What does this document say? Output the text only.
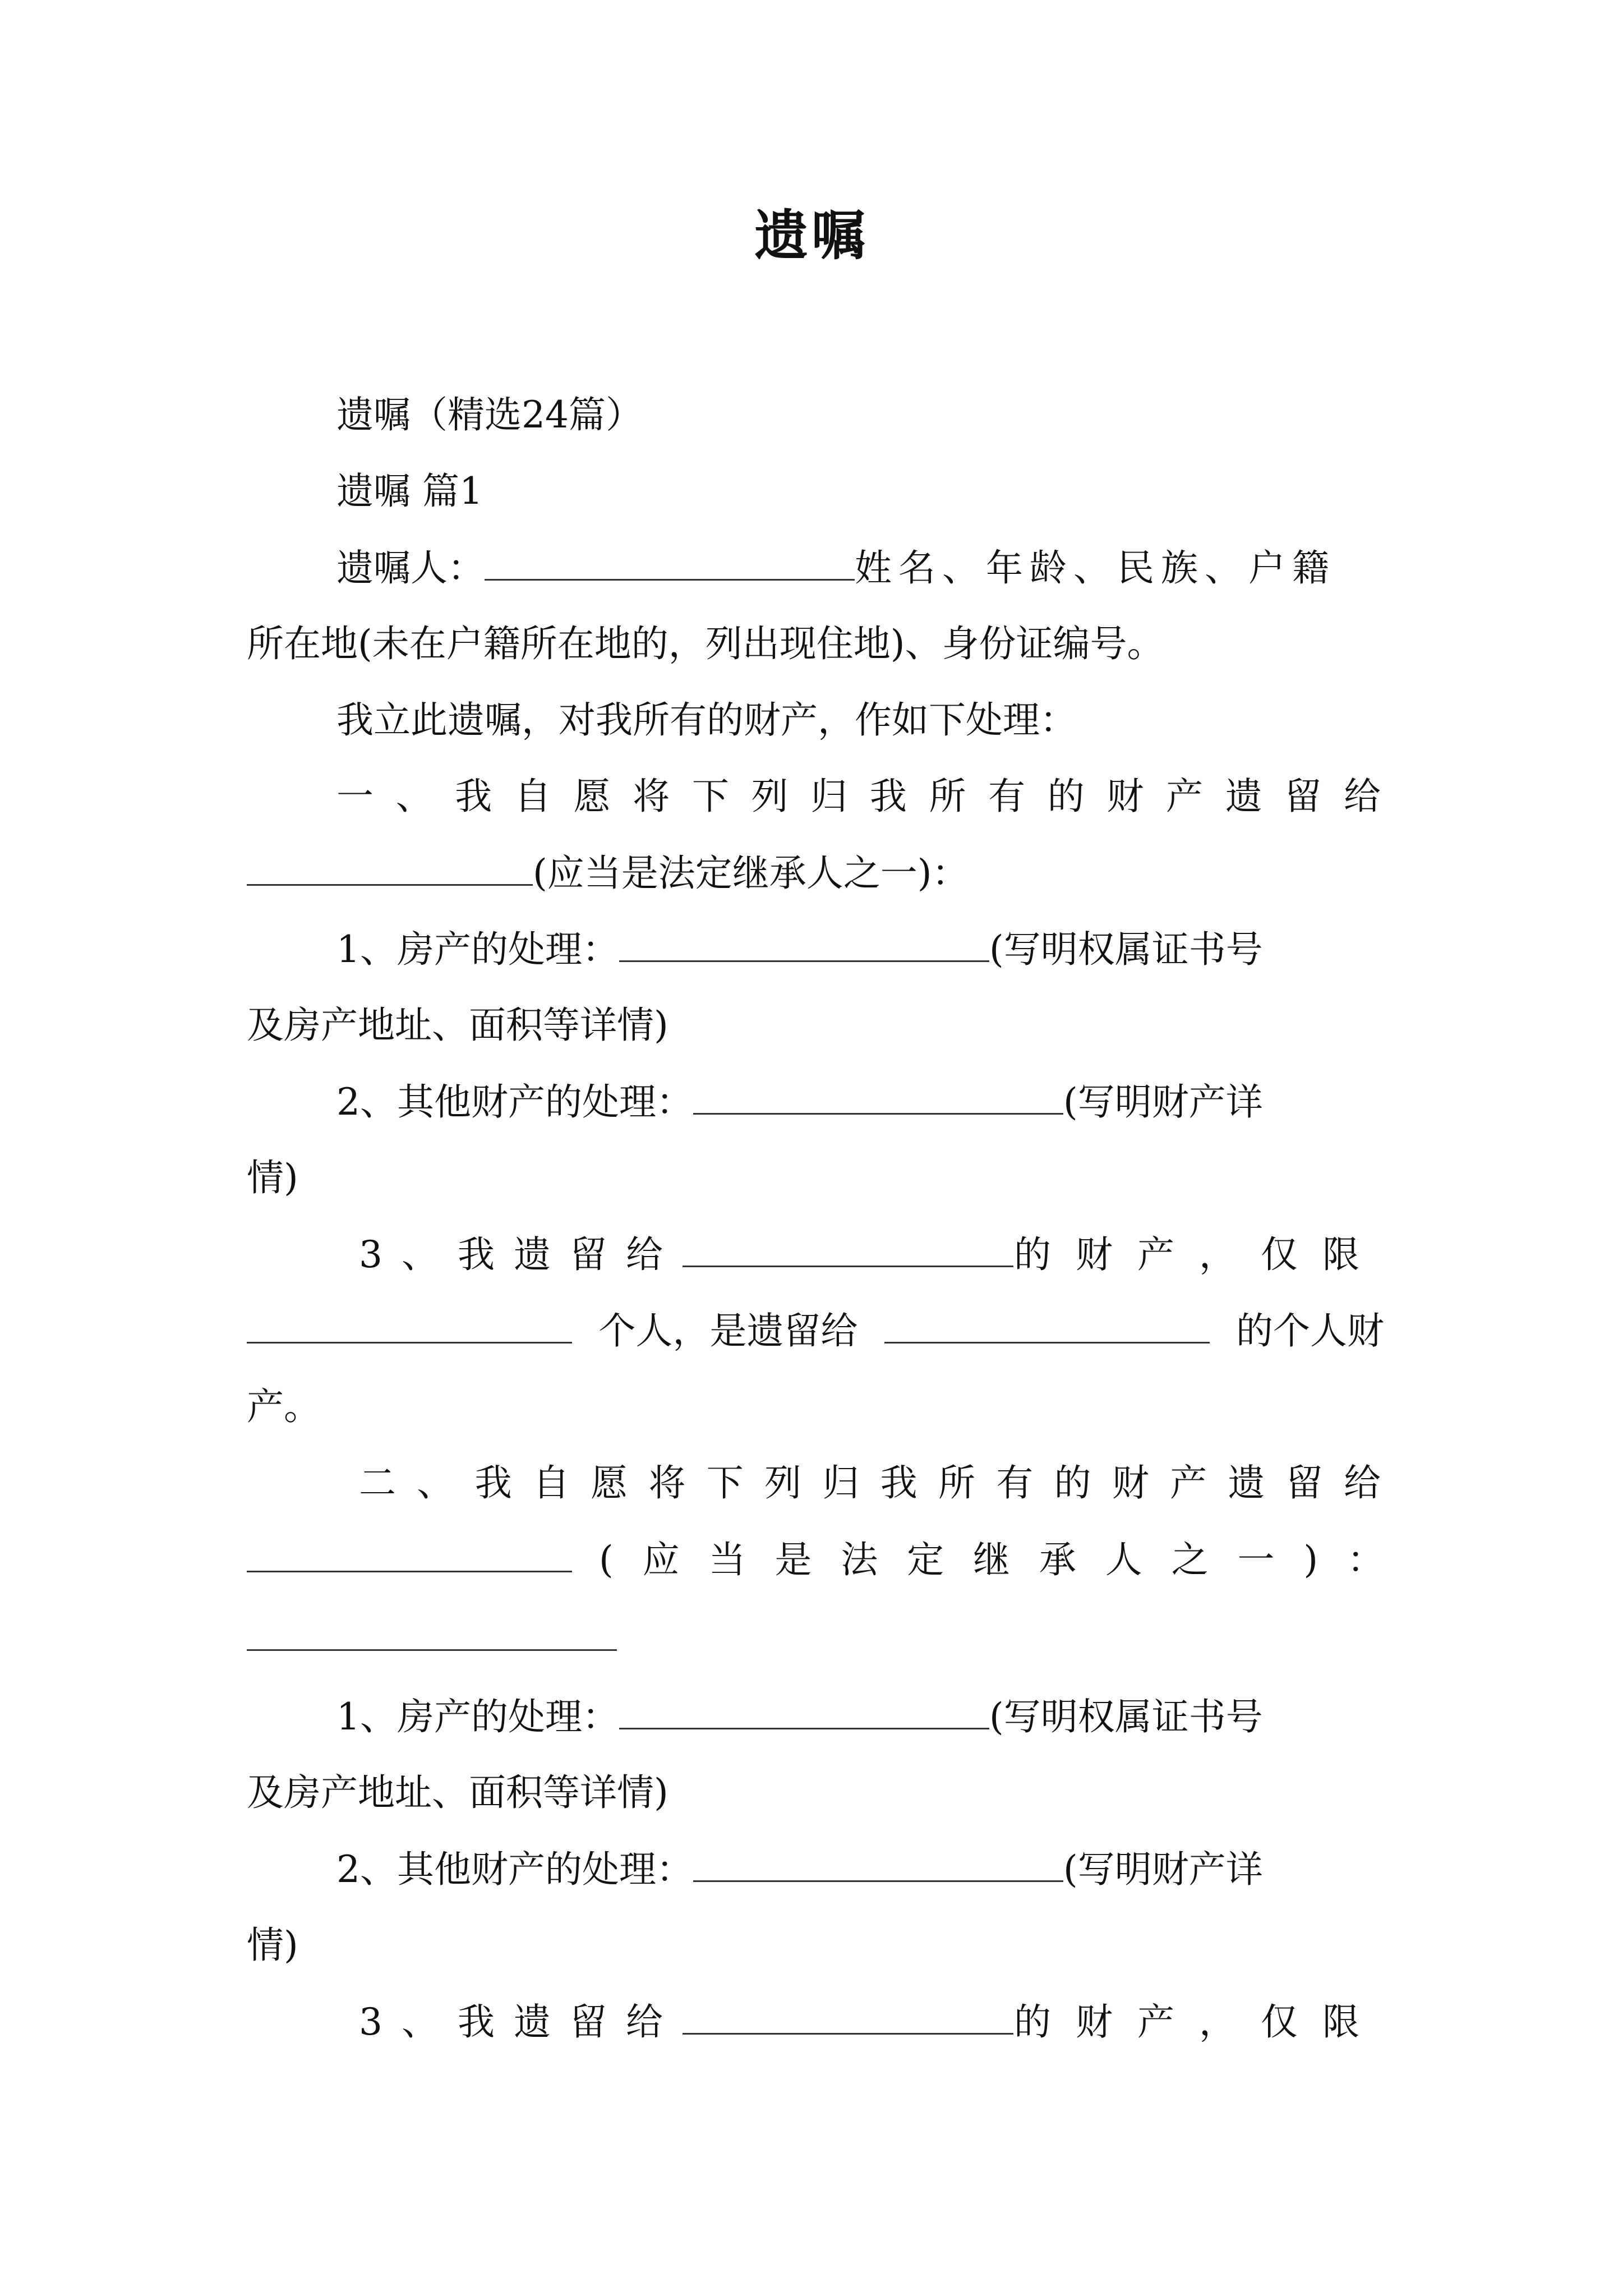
遗嘱
遗嘱（精选24篇）
遗嘱 篇1
遗嘱人：	姓名、年龄、民族、户籍
所在地(未在户籍所在地的，列出现住地)、身份证编号。
我立此遗嘱，对我所有的财产，作如下处理：
一、我自愿将下列归我所有的财产遗留给
(应当是法定继承人之一)：
1、房产的处理：	(写明权属证书号
及房产地址、面积等详情)
2、其他财产的处理：	(写明财产详
情)
3、我遗留给	的财产，仅限
个人，是遗留给	的个人财
产。
二、我自愿将下列归我所有的财产遗留给
(应当是法定继承人之一)：
1、房产的处理：	(写明权属证书号
及房产地址、面积等详情)
2、其他财产的处理：	(写明财产详
情)
3、我遗留给	的财产，仅限
